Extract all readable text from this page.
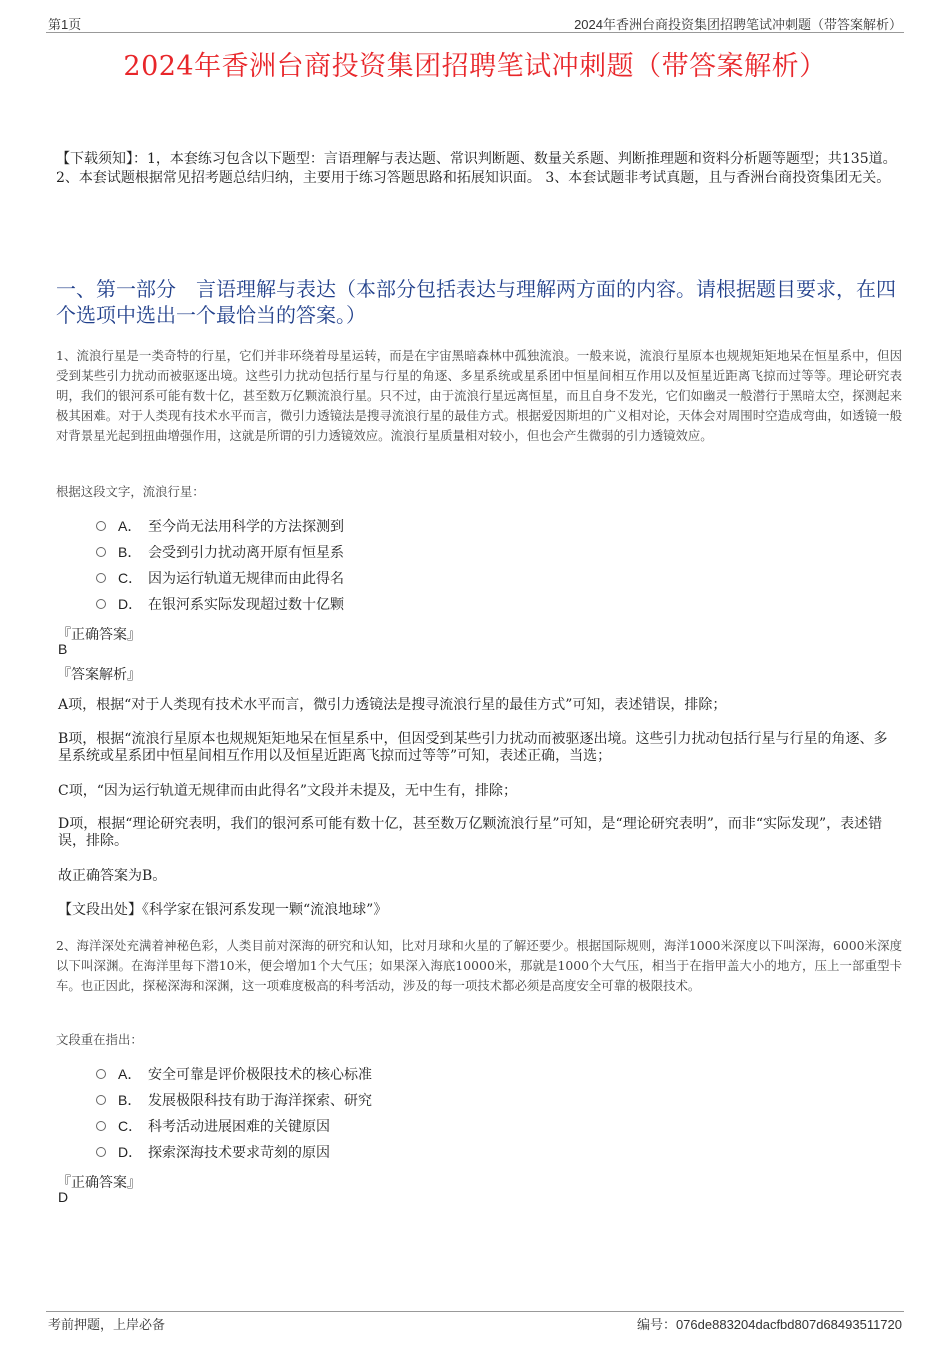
第1页	2024年香洲台商投资集团招聘笔试冲刺题（带答案解析）
2024年香洲台商投资集团招聘笔试冲刺题（带答案解析）
【下载须知】：1，本套练习包含以下题型：言语理解与表达题、常识判断题、数量关系题、判断推理题和资料分析题等题型；共135道。 2、本套试题根据常见招考题总结归纳，主要用于练习答题思路和拓展知识面。 3、本套试题非考试真题，且与香洲台商投资集团无关。
一、第一部分　言语理解与表达（本部分包括表达与理解两方面的内容。请根据题目要求，在四个选项中选出一个最恰当的答案。）
1、流浪行星是一类奇特的行星，它们并非环绕着母星运转，而是在宇宙黑暗森林中孤独流浪。一般来说，流浪行星原本也规规矩矩地呆在恒星系中，但因受到某些引力扰动而被驱逐出境。这些引力扰动包括行星与行星的角逐、多星系统或星系团中恒星间相互作用以及恒星近距离飞掠而过等等。理论研究表明，我们的银河系可能有数十亿，甚至数万亿颗流浪行星。只不过，由于流浪行星远离恒星，而且自身不发光，它们如幽灵一般潜行于黑暗太空，探测起来极其困难。对于人类现有技术水平而言，微引力透镜法是搜寻流浪行星的最佳方式。根据爱因斯坦的广义相对论，天体会对周围时空造成弯曲，如透镜一般对背景星光起到扭曲增强作用，这就是所谓的引力透镜效应。流浪行星质量相对较小，但也会产生微弱的引力透镜效应。
根据这段文字，流浪行星：
A． 至今尚无法用科学的方法探测到
B． 会受到引力扰动离开原有恒星系
C． 因为运行轨道无规律而由此得名
D． 在银河系实际发现超过数十亿颗
『正确答案』
B
『答案解析』
A项，根据“对于人类现有技术水平而言，微引力透镜法是搜寻流浪行星的最佳方式”可知，表述错误，排除；
B项，根据“流浪行星原本也规规矩矩地呆在恒星系中，但因受到某些引力扰动而被驱逐出境。这些引力扰动包括行星与行星的角逐、多星系统或星系团中恒星间相互作用以及恒星近距离飞掠而过等等”可知，表述正确，当选；
C项，“因为运行轨道无规律而由此得名”文段并未提及，无中生有，排除；
D项，根据“理论研究表明，我们的银河系可能有数十亿，甚至数万亿颗流浪行星”可知，是“理论研究表明”，而非“实际发现”，表述错误，排除。
故正确答案为B。
【文段出处】《科学家在银河系发现一颗“流浪地球”》
2、海洋深处充满着神秘色彩，人类目前对深海的研究和认知，比对月球和火星的了解还要少。根据国际规则，海洋1000米深度以下叫深海，6000米深度以下叫深渊。在海洋里每下潜10米，便会增加1个大气压；如果深入海底10000米，那就是1000个大气压，相当于在指甲盖大小的地方，压上一部重型卡车。也正因此，探秘深海和深渊，这一项难度极高的科考活动，涉及的每一项技术都必须是高度安全可靠的极限技术。
文段重在指出：
A． 安全可靠是评价极限技术的核心标准
B． 发展极限科技有助于海洋探索、研究
C． 科考活动进展困难的关键原因
D． 探索深海技术要求苛刻的原因
『正确答案』
D
考前押题，上岸必备	编号：076de883204dacfbd807d68493511720
